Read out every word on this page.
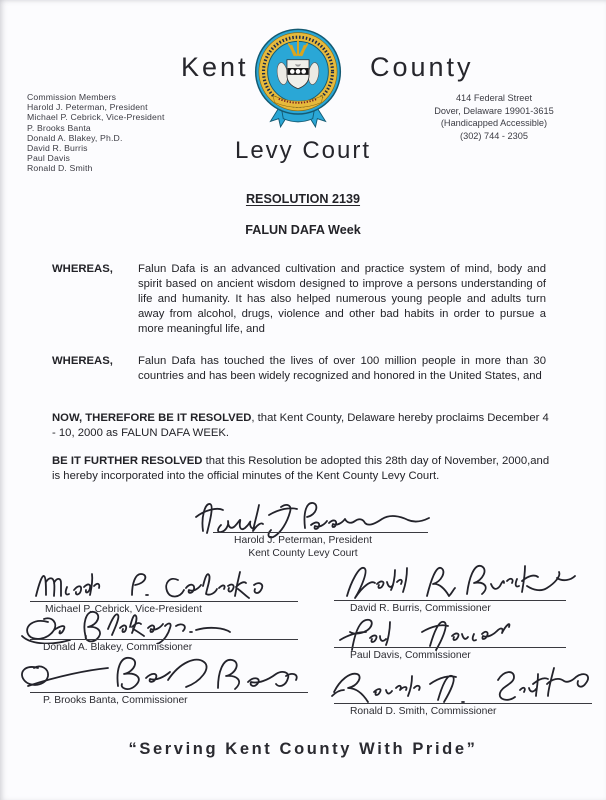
Commission Members
Harold J. Peterman, President
Michael P. Cebrick, Vice-President
P. Brooks Banta
Donald A. Blakey, Ph.D.
David R. Burris
Paul Davis
Ronald D. Smith
Kent	County
414 Federal Street
Dover, Delaware 19901-3615
(Handicapped Accessible)
(302) 744 - 2305
Levy Court
RESOLUTION 2139
FALUN DAFA Week
WHEREAS,	Falun Dafa is an advanced cultivation and practice system of mind, body and spirit based on ancient wisdom designed to improve a persons understanding of life and humanity. It has also helped numerous young people and adults turn away from alcohol, drugs, violence and other bad habits in order to pursue a more meaningful life, and
WHEREAS,	Falun Dafa has touched the lives of over 100 million people in more than 30 countries and has been widely recognized and honored in the United States, and
NOW, THEREFORE BE IT RESOLVED, that Kent County, Delaware hereby proclaims December 4 - 10, 2000 as FALUN DAFA WEEK.
BE IT FURTHER RESOLVED that this Resolution be adopted this 28th day of November, 2000,and is hereby incorporated into the official minutes of the Kent County Levy Court.
Harold J. Peterman, President
Kent County Levy Court
Michael P. Cebrick, Vice-President
Donald A. Blakey, Commissioner
P. Brooks Banta, Commissioner
David R. Burris, Commissioner
Paul Davis, Commissioner
Ronald D. Smith, Commissioner
“Serving Kent County With Pride”
